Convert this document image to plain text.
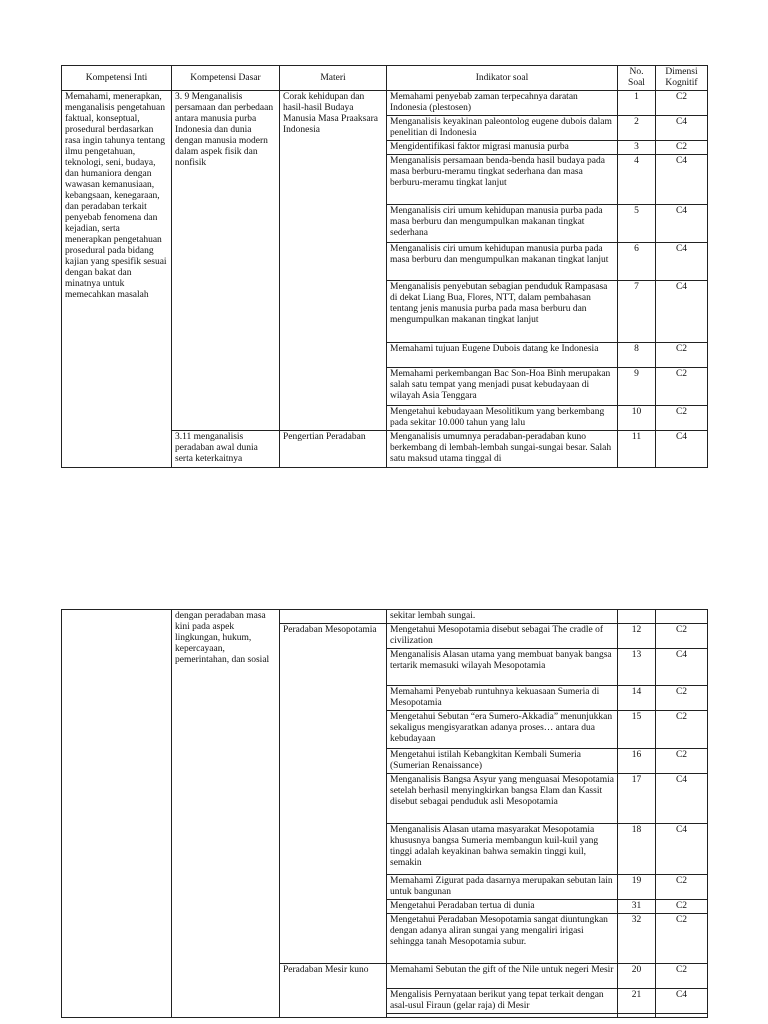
Kompetensi Inti	Kompetensi Dasar	Materi	Indikator soal	No. Soal	Dimensi Kognitif
Memahami, menerapkan, menganalisis pengetahuan faktual, konseptual, prosedural berdasarkan rasa ingin tahunya tentang ilmu pengetahuan, teknologi, seni, budaya, dan humaniora dengan wawasan kemanusiaan, kebangsaan, kenegaraan, dan peradaban terkait penyebab fenomena dan kejadian, serta menerapkan pengetahuan prosedural pada bidang kajian yang spesifik sesuai dengan bakat dan minatnya untuk memecahkan masalah	3. 9 Menganalisis persamaan dan perbedaan antara manusia purba Indonesia dan dunia dengan manusia modern dalam aspek fisik dan nonfisik	Corak kehidupan dan hasil-hasil Budaya Manusia Masa Praaksara Indonesia	Memahami penyebab zaman terpecahnya daratan Indonesia (plestosen)	1	C2
			Menganalisis keyakinan paleontolog eugene dubois dalam penelitian di Indonesia	2	C4
			Mengidentifikasi faktor migrasi manusia purba	3	C2
			Menganalisis persamaan benda-benda hasil budaya pada masa berburu-meramu tingkat sederhana dan masa berburu-meramu tingkat lanjut	4	C4
			Menganalisis ciri umum kehidupan manusia purba pada masa berburu dan mengumpulkan makanan tingkat sederhana	5	C4
			Menganalisis ciri umum kehidupan manusia purba pada masa berburu dan mengumpulkan makanan tingkat lanjut	6	C4
			Menganalisis penyebutan sebagian penduduk Rampasasa di dekat Liang Bua, Flores, NTT, dalam pembahasan tentang jenis manusia purba pada masa berburu dan mengumpulkan makanan tingkat lanjut	7	C4
			Memahami tujuan Eugene Dubois datang ke Indonesia	8	C2
			Memahami perkembangan Bac Son-Hoa Binh merupakan salah satu tempat yang menjadi pusat kebudayaan di wilayah Asia Tenggara	9	C2
			Mengetahui kebudayaan Mesolitikum yang berkembang pada sekitar 10.000 tahun yang lalu	10	C2
	3.11 menganalisis peradaban awal dunia serta keterkaitnya	Pengertian Peradaban	Menganalisis umumnya peradaban-peradaban kuno berkembang di lembah-lembah sungai-sungai besar. Salah satu maksud utama tinggal di	11	C4
	dengan peradaban masa kini pada aspek lingkungan, hukum, kepercayaan, pemerintahan, dan sosial		sekitar lembah sungai.		
		Peradaban Mesopotamia	Mengetahui Mesopotamia disebut sebagai The cradle of civilization	12	C2
			Menganalisis Alasan utama yang membuat banyak bangsa tertarik memasuki wilayah Mesopotamia	13	C4
			Memahami Penyebab runtuhnya kekuasaan Sumeria di Mesopotamia	14	C2
			Mengetahui Sebutan “era Sumero-Akkadia” menunjukkan sekaligus mengisyaratkan adanya proses… antara dua kebudayaan	15	C2
			Mengetahui istilah Kebangkitan Kembali Sumeria (Sumerian Renaissance)	16	C2
			Menganalisis Bangsa Asyur yang menguasai Mesopotamia setelah berhasil menyingkirkan bangsa Elam dan Kassit disebut sebagai penduduk asli Mesopotamia	17	C4
			Menganalisis Alasan utama masyarakat Mesopotamia khususnya bangsa Sumeria membangun kuil-kuil yang tinggi adalah keyakinan bahwa semakin tinggi kuil, semakin	18	C4
			Memahami Zigurat pada dasarnya merupakan sebutan lain untuk bangunan	19	C2
			Mengetahui Peradaban tertua di dunia	31	C2
			Mengetahui Peradaban Mesopotamia sangat diuntungkan dengan adanya aliran sungai yang mengaliri irigasi sehingga tanah Mesopotamia subur.	32	C2
		Peradaban Mesir kuno	Memahami Sebutan the gift of the Nile untuk negeri Mesir	20	C2
			Mengalisis Pernyataan berikut yang tepat terkait dengan asal-usul Firaun (gelar raja) di Mesir	21	C4
